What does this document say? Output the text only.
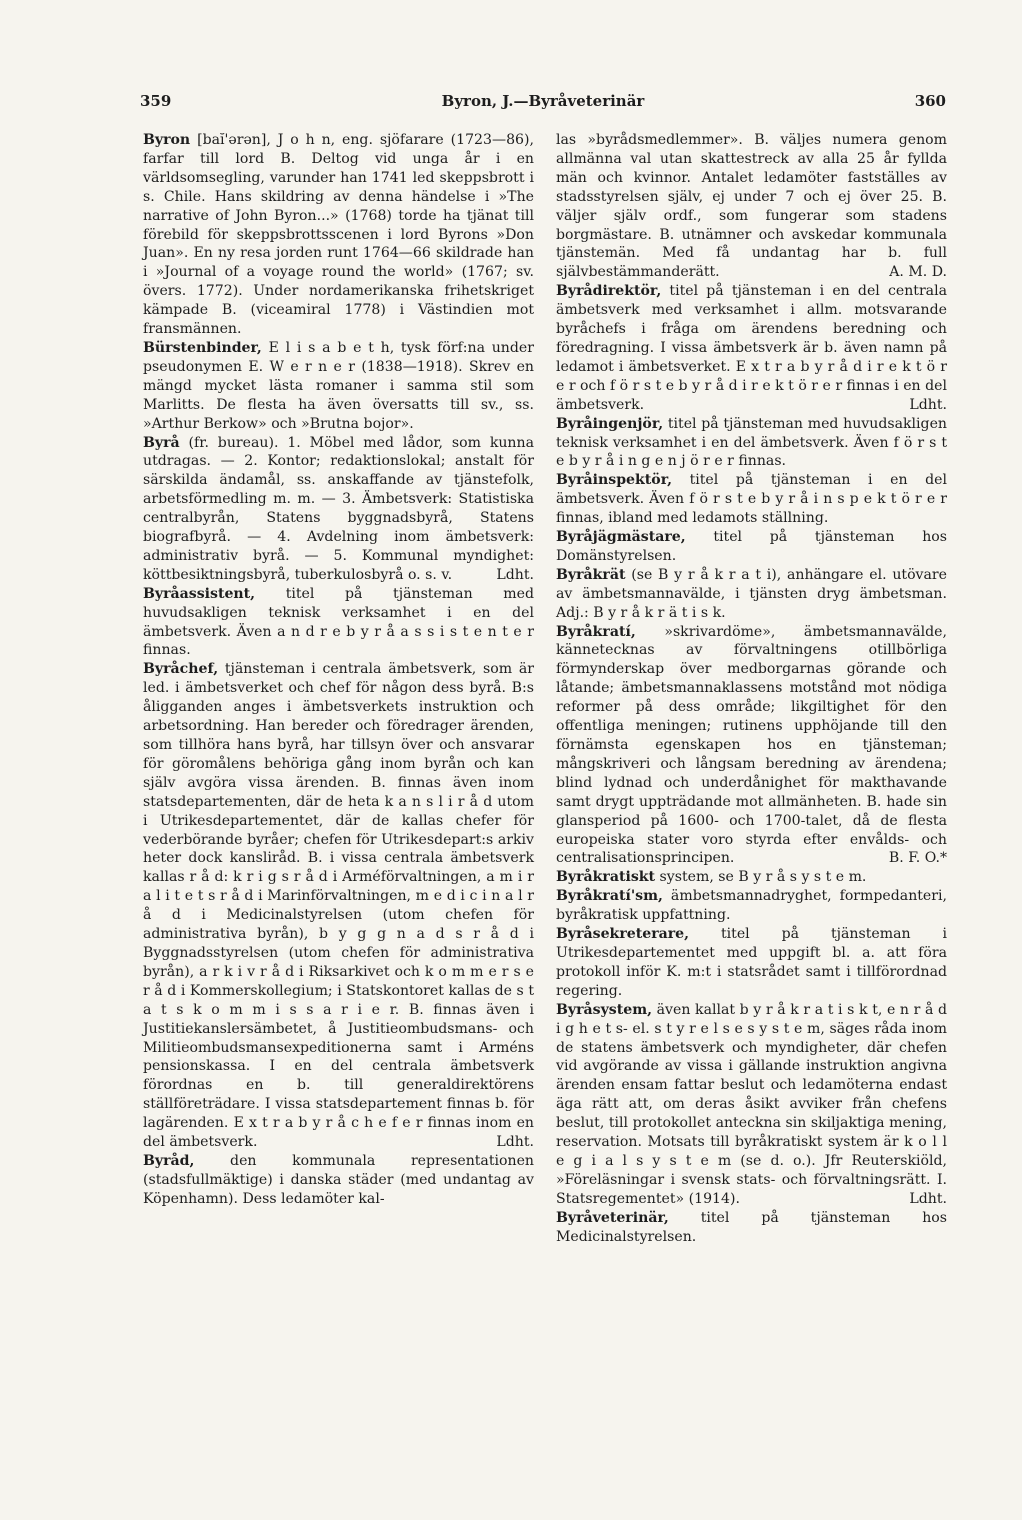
359	Byron, J.—Byråveterinär	360

Byron [baĭ'ərən], J o h n, eng. sjöfarare (1723—86), farfar till lord B. Deltog vid unga år i en världsomsegling, varunder han 1741 led skeppsbrott i s. Chile. Hans skildring av denna händelse i »The narrative of John Byron...» (1768) torde ha tjänat till förebild för skeppsbrottsscenen i lord Byrons »Don Juan». En ny resa jorden runt 1764—66 skildrade han i »Journal of a voyage round the world» (1767; sv. övers. 1772). Under nordamerikanska frihetskriget kämpade B. (viceamiral 1778) i Västindien mot fransmännen.

Bürstenbinder, E l i s a b e t h, tysk förf:na under pseudonymen E. W e r n e r (1838—1918). Skrev en mängd mycket lästa romaner i samma stil som Marlitts. De flesta ha även översatts till sv., ss. »Arthur Berkow» och »Brutna bojor».

Byrå (fr. bureau). 1. Möbel med lådor, som kunna utdragas. — 2. Kontor; redaktionslokal; anstalt för särskilda ändamål, ss. anskaffande av tjänstefolk, arbetsförmedling m. m. — 3. Ämbetsverk: Statistiska centralbyrån, Statens byggnadsbyrå, Statens biografbyrå. — 4. Avdelning inom ämbetsverk: administrativ byrå. — 5. Kommunal myndighet: köttbesiktningsbyrå, tuberkulosbyrå o. s. v.	Ldht.

Byråassistent, titel på tjänsteman med huvudsakligen teknisk verksamhet i en del ämbetsverk. Även a n d r e b y r å a s s i s t e n t e r finnas.

Byråchef, tjänsteman i centrala ämbetsverk, som är led. i ämbetsverket och chef för någon dess byrå. B:s åligganden anges i ämbetsverkets instruktion och arbetsordning. Han bereder och föredrager ärenden, som tillhöra hans byrå, har tillsyn över och ansvarar för göromålens behöriga gång inom byrån och kan själv avgöra vissa ärenden. B. finnas även inom statsdepartementen, där de heta k a n s l i r å d utom i Utrikesdepartementet, där de kallas chefer för vederbörande byråer; chefen för Utrikesdepart:s arkiv heter dock kanslіråd. B. i vissa centrala ämbetsverk kallas r å d: k r i g s r å d i Arméförvaltningen, a m i r a l i t e t s r å d i Marinförvaltningen, m e d i c i n a l r å d i Medicinalstyrelsen (utom chefen för administrativa byrån), b y g g n a d s r å d i Byggnadsstyrelsen (utom chefen för administrativa byrån), a r k i v r å d i Riksarkivet och k o m m e r s e r å d i Kommerskollegium; i Statskontoret kallas de s t a t s k o m m i s s a r i e r. B. finnas även i Justitiekanslersämbetet, å Justitieombudsmans- och Militieombudsmansexpeditionerna samt i Arméns pensionskassa. I en del centrala ämbetsverk förordnas en b. till generaldirektörens ställföreträdare. I vissa statsdepartement finnas b. för lagärenden. E x t r a b y r å c h e f e r finnas inom en del ämbetsverk.	Ldht.

Byråd, den kommunala representationen (stadsfullmäktige) i danska städer (med undantag av Köpenhamn). Dess ledamöter kal-

las »byrådsmedlemmer». B. väljes numera genom allmänna val utan skattestreck av alla 25 år fyllda män och kvinnor. Antalet ledamöter fastställes av stadsstyrelsen själv, ej under 7 och ej över 25. B. väljer själv ordf., som fungerar som stadens borgmästare. B. utnämner och avskedar kommunala tjänstemän. Med få undantag har b. full självbestämmanderätt.	A. M. D.

Byrådirektör, titel på tjänsteman i en del centrala ämbetsverk med verksamhet i allm. motsvarande byråchefs i fråga om ärendens beredning och föredragning. I vissa ämbetsverk är b. även namn på ledamot i ämbetsverket. E x t r a b y r å d i r e k t ö r e r och f ö r s t e b y r å d i r e k t ö r e r finnas i en del ämbetsverk.	Ldht.

Byråingenjör, titel på tjänsteman med huvudsakligen teknisk verksamhet i en del ämbetsverk. Även f ö r s t e b y r å i n g e n j ö r e r finnas.

Byråinspektör, titel på tjänsteman i en del ämbetsverk. Även f ö r s t e b y r å i n s p e k t ö r e r finnas, ibland med ledamots ställning.

Byråjägmästare, titel på tjänsteman hos Domänstyrelsen.

Byråkrät (se B y r å k r a t i), anhängare el. utövare av ämbetsmannavälde, i tjänsten dryg ämbetsman. Adj.: B y r å k r ä t i s k.

Byråkratí, »skrivardöme», ämbetsmannavälde, kännetecknas av förvaltningens otillbörliga förmynderskap över medborgarnas görande och låtande; ämbetsmannaklassens motstånd mot nödiga reformer på dess område; likgiltighet för den offentliga meningen; rutinens upphöjande till den förnämsta egenskapen hos en tjänsteman; mångskriveri och långsam beredning av ärendena; blind lydnad och underdånighet för makthavande samt drygt uppträdande mot allmänheten. B. hade sin glansperiod på 1600- och 1700-talet, då de flesta europeiska stater voro styrda efter envålds- och centralisationsprincipen.	B. F. O.*

Byråkratiskt system, se B y r å s y s t e m.

Byråkratí'sm, ämbetsmannadryghet, formpedanteri, byråkratisk uppfattning.

Byråsekreterare, titel på tjänsteman i Utrikesdepartementet med uppgift bl. a. att föra protokoll inför K. m:t i statsrådet samt i tillförordnad regering.

Byråsystem, även kallat b y r å k r a t i s k t, e n r å d i g h e t s- el. s t y r e l s e s y s t e m, säges råda inom de statens ämbetsverk och myndigheter, där chefen vid avgörande av vissa i gällande instruktion angivna ärenden ensam fattar beslut och ledamöterna endast äga rätt att, om deras åsikt avviker från chefens beslut, till protokollet anteckna sin skiljaktiga mening, reservation. Motsats till byråkratiskt system är k o l l e g i a l s y s t e m (se d. o.). Jfr Reuterskiöld, »Föreläsningar i svensk stats- och förvaltningsrätt. I. Statsregementet» (1914).	Ldht.

Byråveterinär, titel på tjänsteman hos Medicinalstyrelsen.
